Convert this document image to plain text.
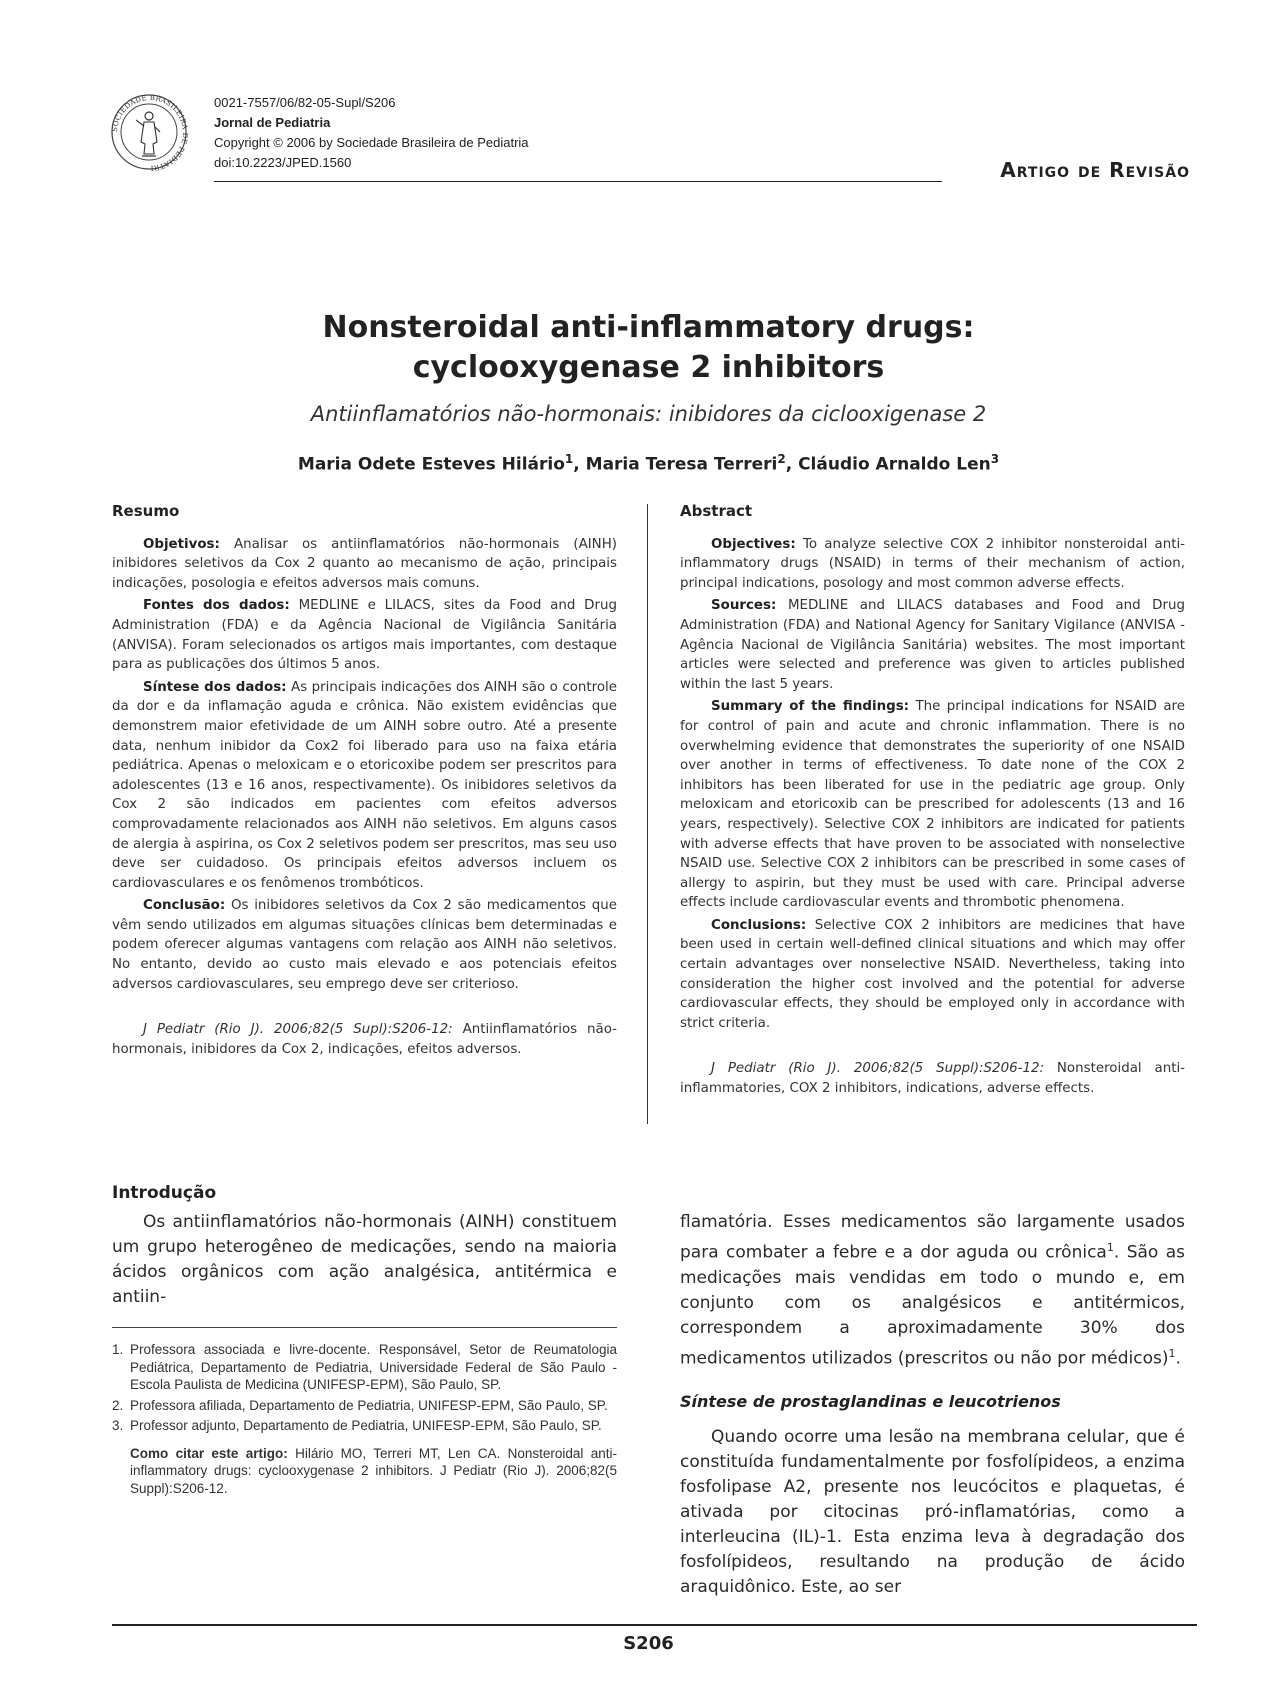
SOCIEDADE BRASILEIRA DE PEDIATRI
0021-7557/06/82-05-Supl/S206
Jornal de Pediatria
Copyright © 2006 by Sociedade Brasileira de Pediatria
doi:10.2223/JPED.1560	Artigo de Revisão
Nonsteroidal anti-inflammatory drugs:
cyclooxygenase 2 inhibitors
Antiinflamatórios não-hormonais: inibidores da ciclooxigenase 2
Maria Odete Esteves Hilário$^1$, Maria Teresa Terreri$^2$, Cláudio Arnaldo Len$^3$

Resumo

Objetivos: Analisar os antiinflamatórios não-hormonais (AINH) inibidores seletivos da Cox 2 quanto ao mecanismo de ação, principais indicações, posologia e efeitos adversos mais comuns.

Fontes dos dados: MEDLINE e LILACS, sites da Food and Drug Administration (FDA) e da Agência Nacional de Vigilância Sanitária (ANVISA). Foram selecionados os artigos mais importantes, com destaque para as publicações dos últimos 5 anos.

Síntese dos dados: As principais indicações dos AINH são o controle da dor e da inflamação aguda e crônica. Não existem evidências que demonstrem maior efetividade de um AINH sobre outro. Até a presente data, nenhum inibidor da Cox2 foi liberado para uso na faixa etária pediátrica. Apenas o meloxicam e o etoricoxibe podem ser prescritos para adolescentes (13 e 16 anos, respectivamente). Os inibidores seletivos da Cox 2 são indicados em pacientes com efeitos adversos comprovadamente relacionados aos AINH não seletivos. Em alguns casos de alergia à aspirina, os Cox 2 seletivos podem ser prescritos, mas seu uso deve ser cuidadoso. Os principais efeitos adversos incluem os cardiovasculares e os fenômenos trombóticos.

Conclusão: Os inibidores seletivos da Cox 2 são medicamentos que vêm sendo utilizados em algumas situações clínicas bem determinadas e podem oferecer algumas vantagens com relação aos AINH não seletivos. No entanto, devido ao custo mais elevado e aos potenciais efeitos adversos cardiovasculares, seu emprego deve ser criterioso.

J Pediatr (Rio J). 2006;82(5 Supl):S206-12: Antiinflamatórios não-hormonais, inibidores da Cox 2, indicações, efeitos adversos.

Abstract

Objectives: To analyze selective COX 2 inhibitor nonsteroidal anti-inflammatory drugs (NSAID) in terms of their mechanism of action, principal indications, posology and most common adverse effects.

Sources: MEDLINE and LILACS databases and Food and Drug Administration (FDA) and National Agency for Sanitary Vigilance (ANVISA - Agência Nacional de Vigilância Sanitária) websites. The most important articles were selected and preference was given to articles published within the last 5 years.

Summary of the findings: The principal indications for NSAID are for control of pain and acute and chronic inflammation. There is no overwhelming evidence that demonstrates the superiority of one NSAID over another in terms of effectiveness. To date none of the COX 2 inhibitors has been liberated for use in the pediatric age group. Only meloxicam and etoricoxib can be prescribed for adolescents (13 and 16 years, respectively). Selective COX 2 inhibitors are indicated for patients with adverse effects that have proven to be associated with nonselective NSAID use. Selective COX 2 inhibitors can be prescribed in some cases of allergy to aspirin, but they must be used with care. Principal adverse effects include cardiovascular events and thrombotic phenomena.

Conclusions: Selective COX 2 inhibitors are medicines that have been used in certain well-defined clinical situations and which may offer certain advantages over nonselective NSAID. Nevertheless, taking into consideration the higher cost involved and the potential for adverse cardiovascular effects, they should be employed only in accordance with strict criteria.

J Pediatr (Rio J). 2006;82(5 Suppl):S206-12: Nonsteroidal anti-inflammatories, COX 2 inhibitors, indications, adverse effects.

Introdução

Os antiinflamatórios não-hormonais (AINH) constituem um grupo heterogêneo de medicações, sendo na maioria ácidos orgânicos com ação analgésica, antitérmica e antiin-

flamatória. Esses medicamentos são largamente usados para combater a febre e a dor aguda ou crônica$^1$. São as medicações mais vendidas em todo o mundo e, em conjunto com os analgésicos e antitérmicos, correspondem a aproximadamente 30% dos medicamentos utilizados (prescritos ou não por médicos)$^1$.

Síntese de prostaglandinas e leucotrienos

Quando ocorre uma lesão na membrana celular, que é constituída fundamentalmente por fosfolípideos, a enzima fosfolipase A2, presente nos leucócitos e plaquetas, é ativada por citocinas pró-inflamatórias, como a interleucina (IL)-1. Esta enzima leva à degradação dos fosfolípideos, resultando na produção de ácido araquidônico. Este, ao ser

1. Professora associada e livre-docente. Responsável, Setor de Reumatologia Pediátrica, Departamento de Pediatria, Universidade Federal de São Paulo - Escola Paulista de Medicina (UNIFESP-EPM), São Paulo, SP.
2. Professora afiliada, Departamento de Pediatria, UNIFESP-EPM, São Paulo, SP.
3. Professor adjunto, Departamento de Pediatria, UNIFESP-EPM, São Paulo, SP.
Como citar este artigo: Hilário MO, Terreri MT, Len CA. Nonsteroidal anti-inflammatory drugs: cyclooxygenase 2 inhibitors. J Pediatr (Rio J). 2006;82(5 Suppl):S206-12.
S206
